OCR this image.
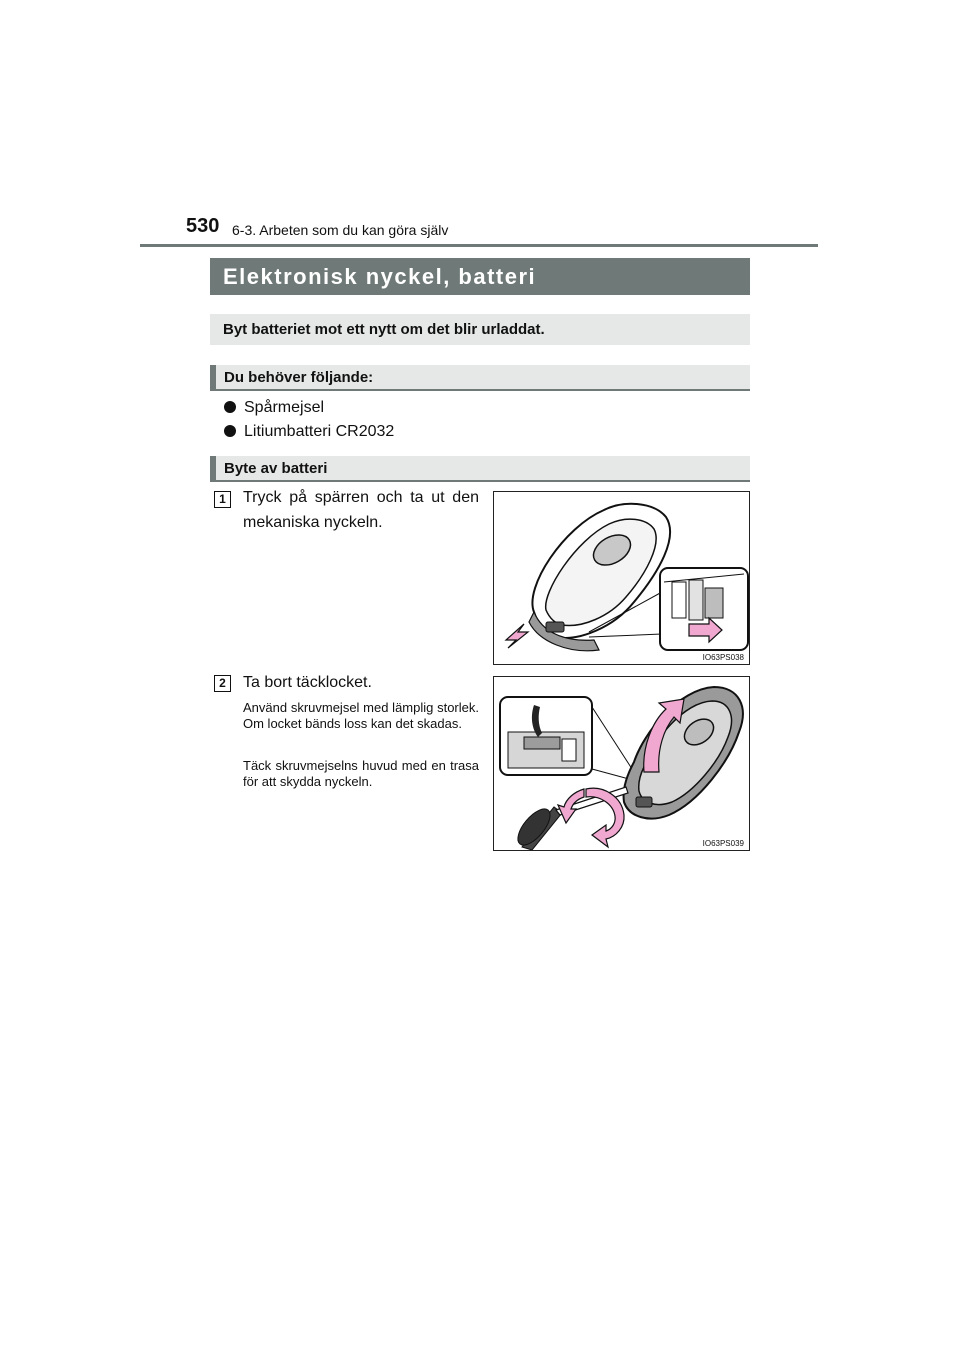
530 6-3. Arbeten som du kan göra själv
Elektronisk nyckel, batteri
Byt batteriet mot ett nytt om det blir urladdat.
Du behöver följande:
Spårmejsel
Litiumbatteri CR2032
Byte av batteri
1	Tryck på spärren och ta ut den mekaniska nyckeln.
IO63PS038
2	Ta bort täcklocket.
Använd skruvmejsel med lämplig storlek. Om locket bänds loss kan det skadas.
Täck skruvmejselns huvud med en trasa för att skydda nyckeln.
IO63PS039
